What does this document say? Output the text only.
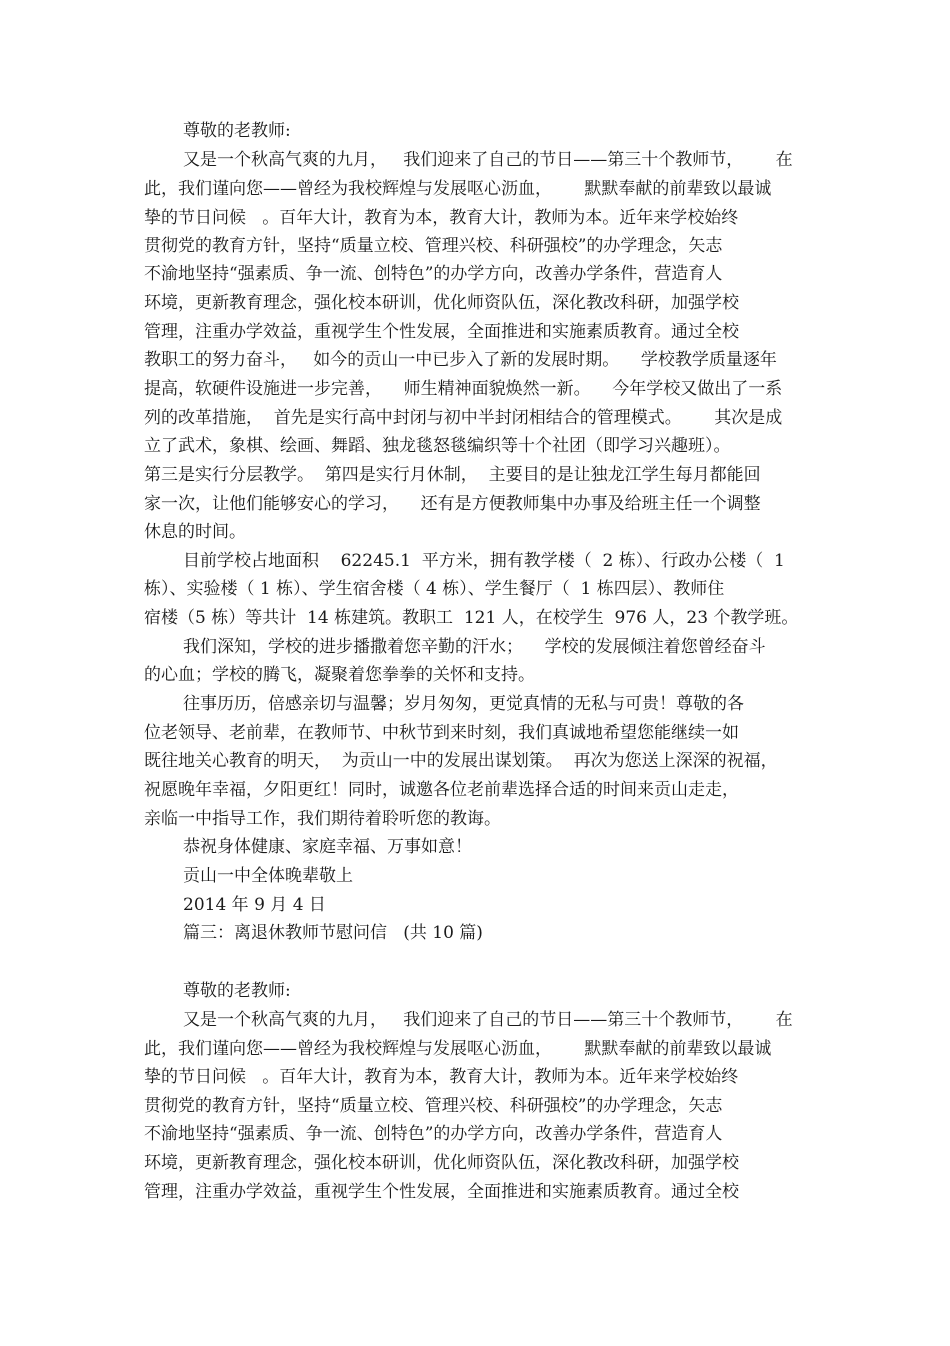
尊敬的老教师:
又是一个秋高气爽的九月，   我们迎来了自己的节日——第三十个教师节，      在
此，我们谨向您——曾经为我校辉煌与发展呕心沥血，      默默奉献的前辈致以最诚
挚的节日问候   。百年大计，教育为本，教育大计，教师为本。近年来学校始终
贯彻党的教育方针，坚持“质量立校、管理兴校、科研强校”的办学理念，矢志
不渝地坚持“强素质、争一流、创特色”的办学方向，改善办学条件，营造育人
环境，更新教育理念，强化校本研训，优化师资队伍，深化教改科研，加强学校
管理，注重办学效益，重视学生个性发展，全面推进和实施素质教育。通过全校
教职工的努力奋斗，   如今的贡山一中已步入了新的发展时期。    学校教学质量逐年
提高，软硬件设施进一步完善，    师生精神面貌焕然一新。    今年学校又做出了一系
列的改革措施，  首先是实行高中封闭与初中半封闭相结合的管理模式。      其次是成
立了武术，象棋、绘画、舞蹈、独龙毯怒毯编织等十个社团（即学习兴趣班）。
第三是实行分层教学。  第四是实行月休制，  主要目的是让独龙江学生每月都能回
家一次，让他们能够安心的学习，    还有是方便教师集中办事及给班主任一个调整
休息的时间。
目前学校占地面积    62245.1  平方米，拥有教学楼（  2 栋）、行政办公楼（  1
栋）、实验楼（ 1 栋）、学生宿舍楼（ 4 栋）、学生餐厅（  1 栋四层）、教师住
宿楼（5 栋）等共计  14 栋建筑。教职工  121 人，在校学生  976 人，23 个教学班。
我们深知，学校的进步播撒着您辛勤的汗水；    学校的发展倾注着您曾经奋斗
的心血；学校的腾飞，凝聚着您拳拳的关怀和支持。
往事历历，倍感亲切与温馨；岁月匆匆，更觉真情的无私与可贵！尊敬的各
位老领导、老前辈，在教师节、中秋节到来时刻，我们真诚地希望您能继续一如
既往地关心教育的明天，  为贡山一中的发展出谋划策。  再次为您送上深深的祝福，
祝愿晚年幸福，夕阳更红！同时，诚邀各位老前辈选择合适的时间来贡山走走，
亲临一中指导工作，我们期待着聆听您的教诲。
恭祝身体健康、家庭幸福、万事如意！
贡山一中全体晚辈敬上
2014 年 9 月 4 日
篇三：离退休教师节慰问信   (共 10 篇)
尊敬的老教师:
又是一个秋高气爽的九月，   我们迎来了自己的节日——第三十个教师节，      在
此，我们谨向您——曾经为我校辉煌与发展呕心沥血，      默默奉献的前辈致以最诚
挚的节日问候   。百年大计，教育为本，教育大计，教师为本。近年来学校始终
贯彻党的教育方针，坚持“质量立校、管理兴校、科研强校”的办学理念，矢志
不渝地坚持“强素质、争一流、创特色”的办学方向，改善办学条件，营造育人
环境，更新教育理念，强化校本研训，优化师资队伍，深化教改科研，加强学校
管理，注重办学效益，重视学生个性发展，全面推进和实施素质教育。通过全校
